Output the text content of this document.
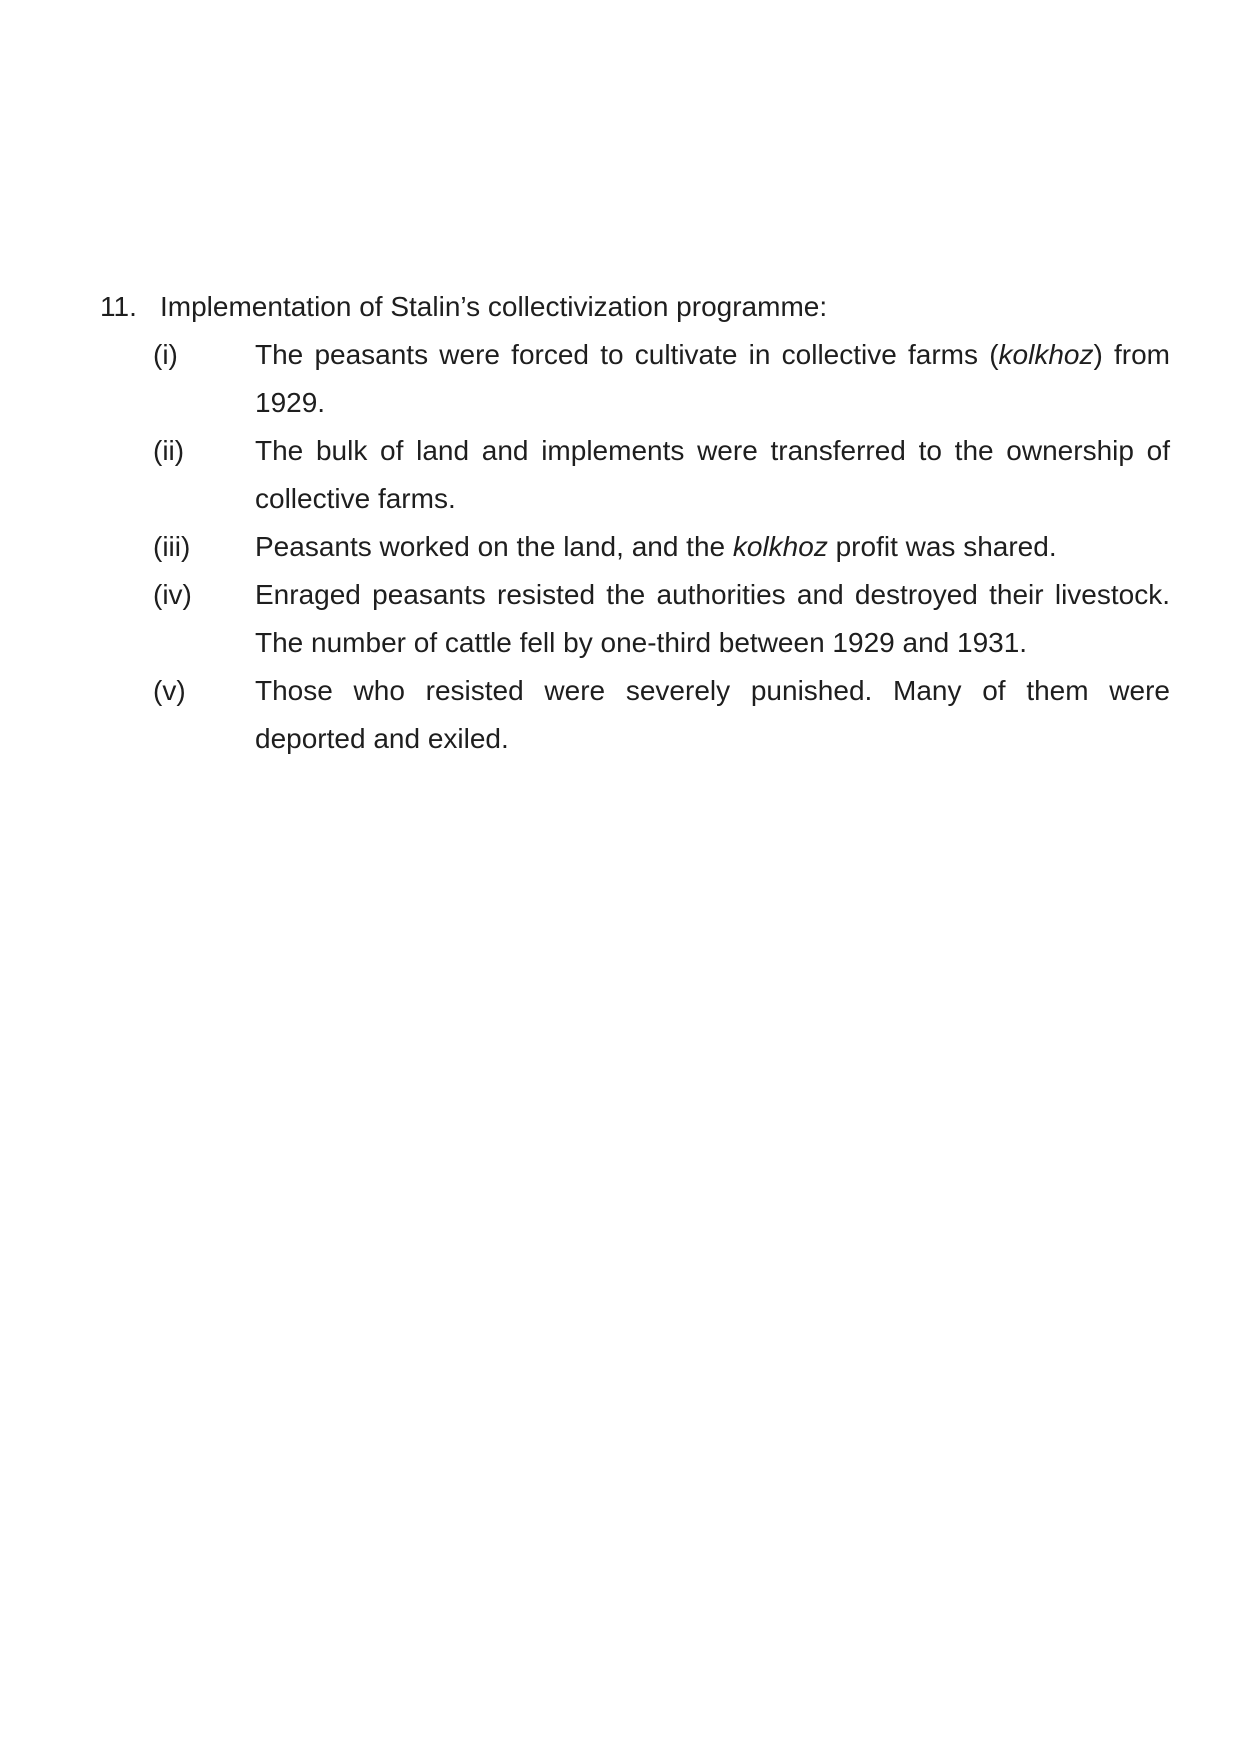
11. Implementation of Stalin’s collectivization programme:
(i)	The peasants were forced to cultivate in collective farms (kolkhoz) from 1929.
(ii)	The bulk of land and implements were transferred to the ownership of collective farms.
(iii)	Peasants worked on the land, and the kolkhoz profit was shared.
(iv)	Enraged peasants resisted the authorities and destroyed their livestock. The number of cattle fell by one-third between 1929 and 1931.
(v)	Those who resisted were severely punished. Many of them were deported and exiled.
